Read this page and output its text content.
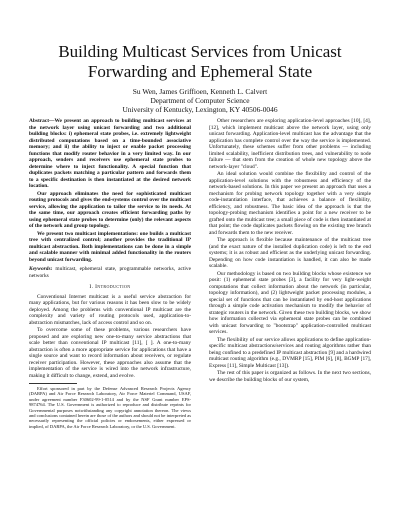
Building Multicast Services from Unicast
Forwarding and Ephemeral State
Su Wen, James Griffioen, Kenneth L. Calvert
Department of Computer Science
University of Kentucky, Lexington, KY 40506-0046

Abstract—We present an approach to building multicast services at the network layer using unicast forwarding and two additional building blocks: i) ephemeral state probes, i.e. extremely lightweight distributed computations based on a time-bounded associative memory; and ii) the ability to inject or enable packet processing functions that modify router behavior in a very limited way. In our approach, senders and receivers use ephemeral state probes to determine where to inject functionality. A special function that duplicates packets matching a particular pattern and forwards them to a specific destination is then instantiated at the desired network location.

Our approach eliminates the need for sophisticated multicast routing protocols and gives the end-systems control over the multicast service, allowing the application to tailor the service to its needs. At the same time, our approach creates efficient forwarding paths by using ephemeral state probes to determine (only) the relevant aspects of the network and group topology.

We present two multicast implementations: one builds a multicast tree with centralized control; another provides the traditional IP multicast abstraction. Both implementations can be done in a simple and scalable manner with minimal added functionality in the routers beyond unicast forwarding.

Keywords: multicast, ephemeral state, programmable networks, active networks

I. Introduction

Conventional Internet multicast is a useful service abstraction for many applications, but for various reasons it has been slow to be widely deployed. Among the problems with conventional IP multicast are the complexity and variety of routing protocols used, application-to-abstraction mismatches, lack of access control and so on.

To overcome some of these problems, various researchers have proposed and are exploring new one-to-many service abstractions that scale better than conventional IP multicast [11], [ ]. A one-to-many abstraction is often a more appropriate service for applications that have a single source and want to record information about receivers, or regulate receiver participation. However, these approaches also assume that the implementation of the service is wired into the network infrastructure, making it difficult to change, extend, and evolve.

Effort sponsored in part by the Defense Advanced Research Projects Agency (DARPA) and Air Force Research Laboratory, Air Force Materiel Command, USAF, under agreement number F30602-99-1-0514 and by the NSF Grant number EPS-9874764. The U.S. Government is authorized to reproduce and distribute reprints for Governmental purposes notwithstanding any copyright annotation thereon. The views and conclusions contained herein are those of the authors and should not be interpreted as necessarily representing the official policies or endorsements, either expressed or implied, of DARPA, the Air Force Research Laboratory, or the U.S. Government.

Other researchers are exploring application-level approaches [10], [4], [12], which implement multicast above the network layer, using only unicast forwarding. Application-level multicast has the advantage that the application has complete control over the way the service is implemented. Unfortunately, these schemes suffer from other problems — including limited scalability, inefficient distribution trees, and vulnerability to node failure — that stem from the creation of whole new topology above the network-layer "cloud".

An ideal solution would combine the flexibility and control of the application-level solutions with the robustness and efficiency of the network-based solutions. In this paper we present an approach that uses a mechanism for probing network topology together with a very simple code-instantiation interface, that achieves a balance of flexibility, efficiency, and robustness. The basic idea of the approach is that the topology-probing mechanism identifies a point for a new receiver to be grafted onto the multicast tree; a small piece of code is then instantiated at that point; the code duplicates packets flowing on the existing tree branch and forwards them to the new receiver.

The approach is flexible because maintenance of the multicast tree (and the exact nature of the installed duplication code) is left to the end systems; it is as robust and efficient as the underlying unicast forwarding. Depending on how code instantiation is handled, it can also be made scalable.

Our methodology is based on two building blocks whose existence we posit: (1) ephemeral state probes [3], a facility for very light-weight computations that collect information about the network (in particular, topology information), and (2) lightweight packet processing modules, a special set of functions that can be instantiated by end-host applications through a simple code activation mechanism to modify the behavior of strategic routers in the network. Given these two building blocks, we show how information collected via ephemeral state probes can be combined with unicast forwarding to "bootstrap" application-controlled multicast services.

The flexibility of our service allows applications to define application-specific multicast abstractions/services and routing algorithms rather than being confined to a predefined IP multicast abstraction [9] and a hardwired multicast routing algorithm (e.g., DVMRP [15], PIM [6], [8], BGMP [17], Express [11], Simple Multicast [13]).

The rest of this paper is organized as follows. In the next two sections, we describe the building blocks of our system,
